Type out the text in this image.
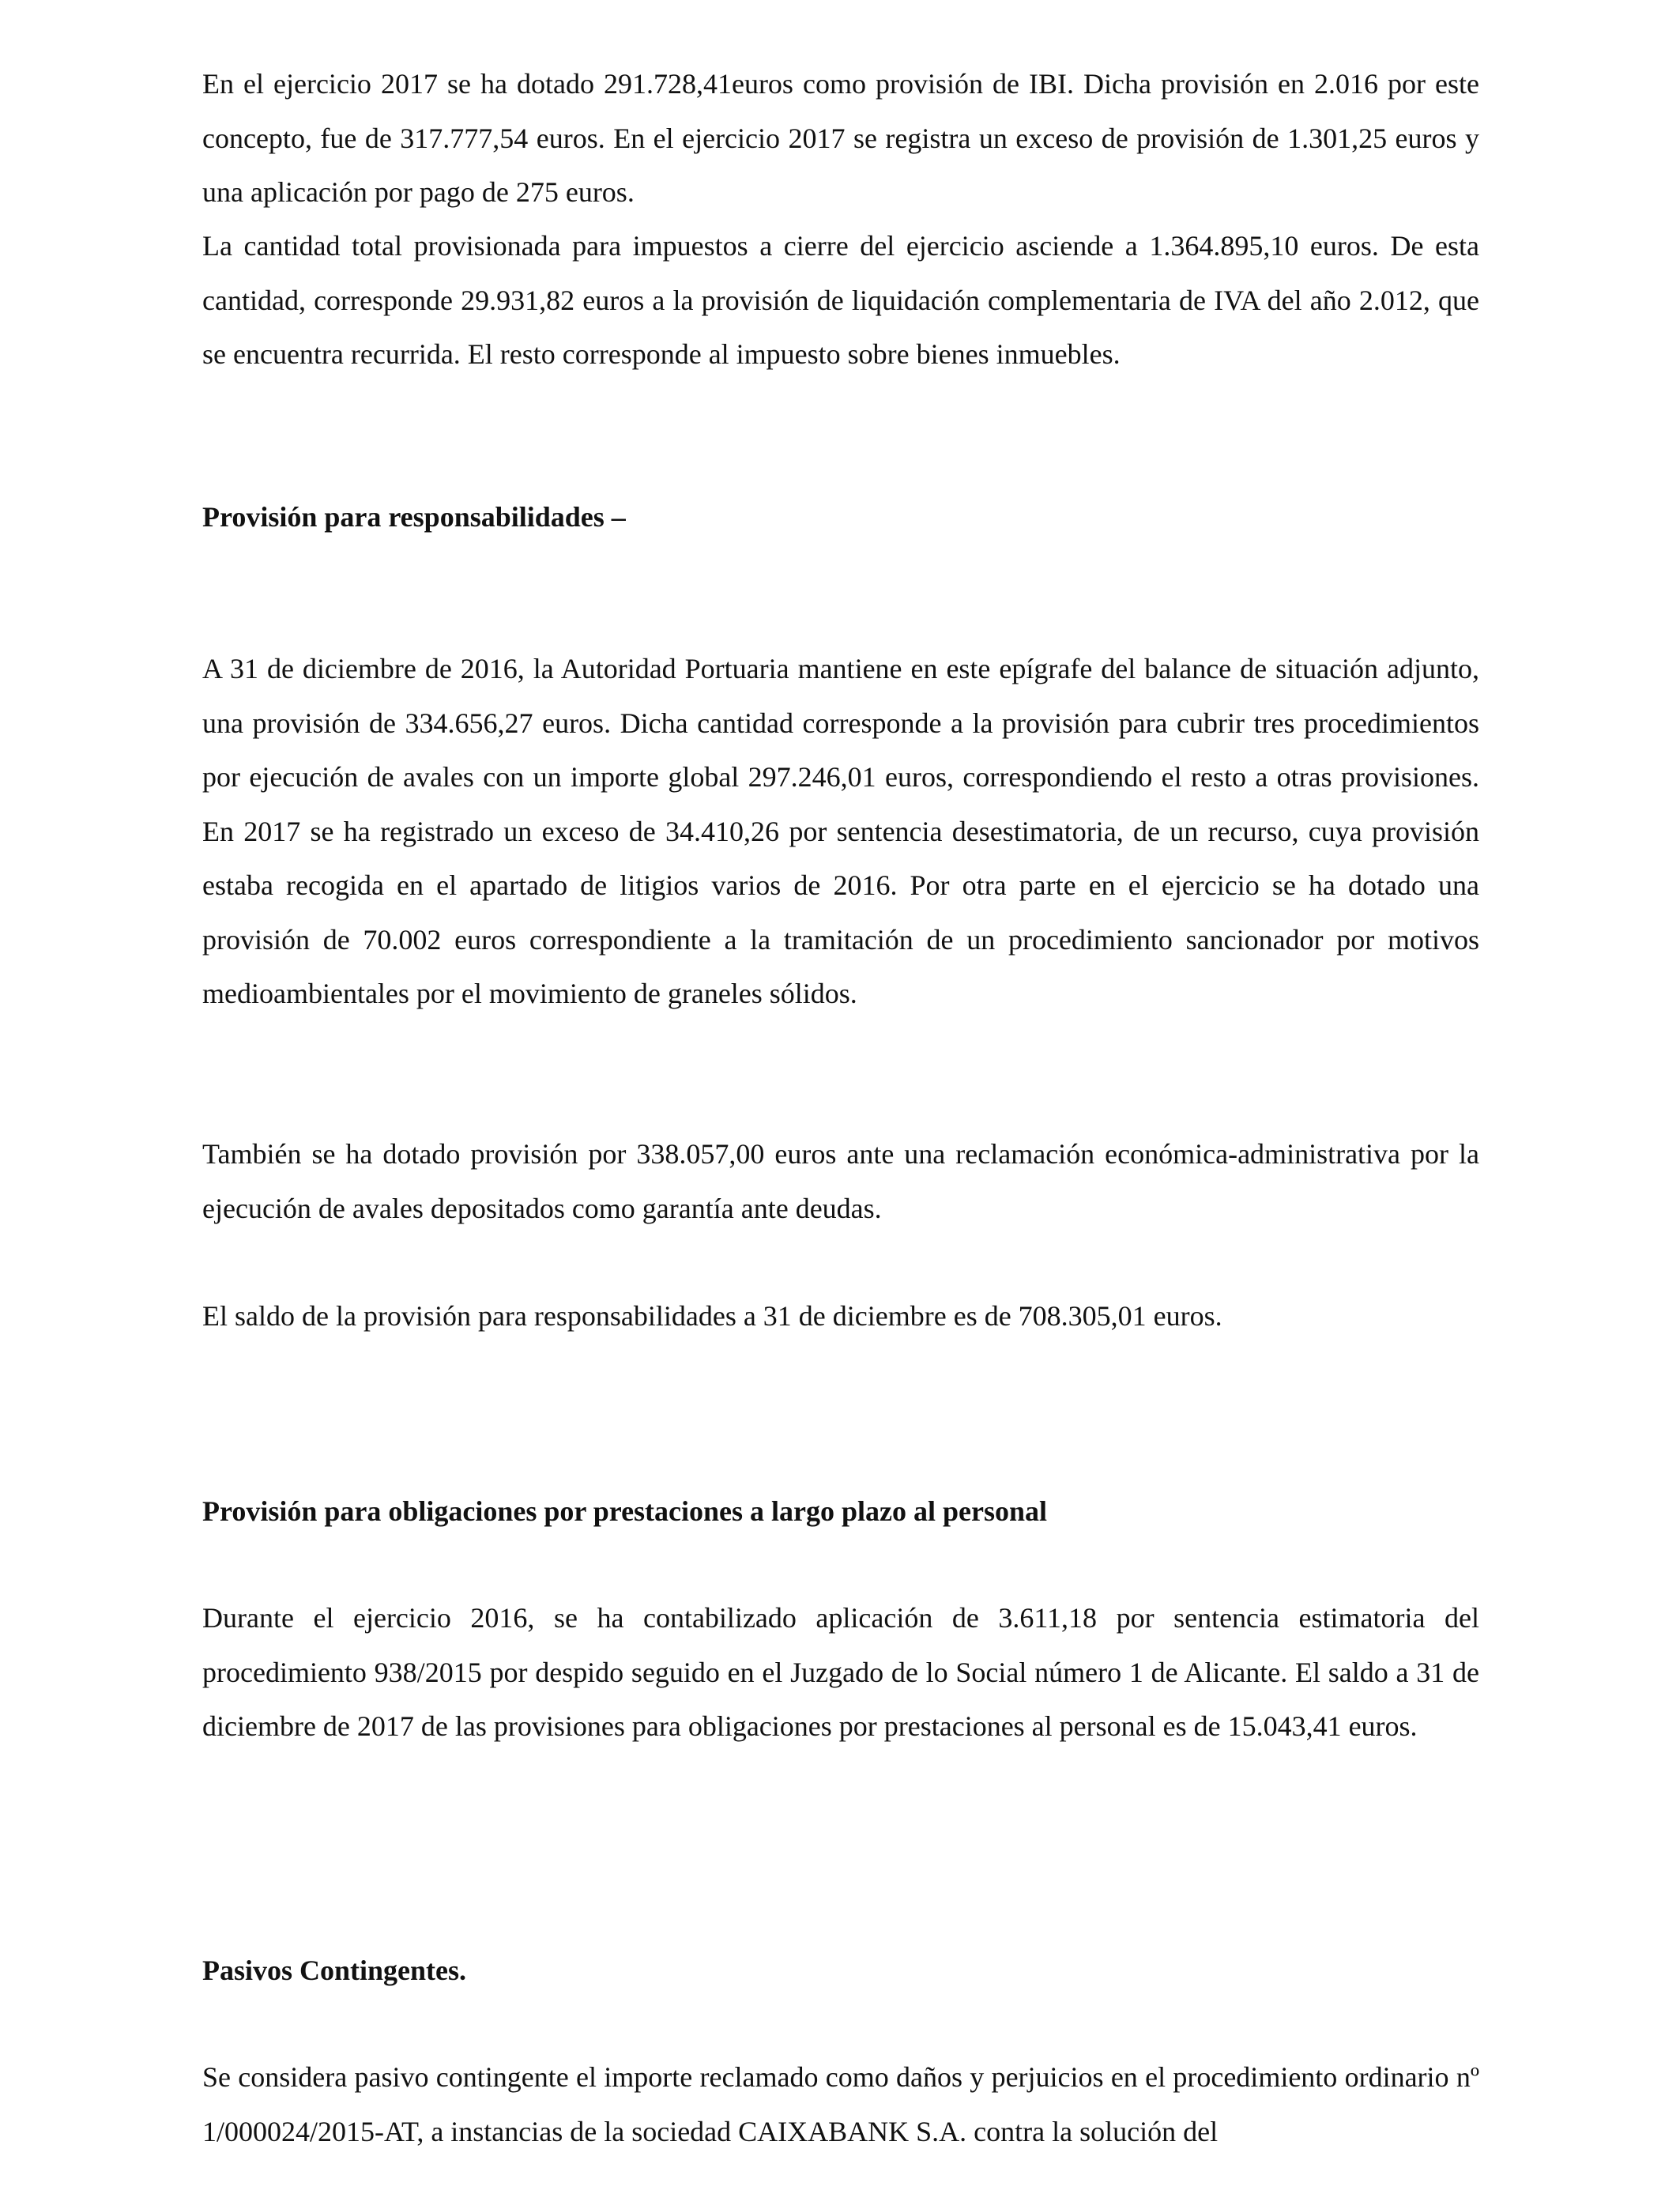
En el ejercicio 2017 se ha dotado 291.728,41euros como provisión de IBI. Dicha provisión en 2.016 por este concepto, fue de 317.777,54 euros. En el ejercicio 2017 se registra un exceso de provisión de 1.301,25 euros y una aplicación por pago de 275 euros.

La cantidad total provisionada para impuestos a cierre del ejercicio asciende a 1.364.895,10 euros. De esta cantidad, corresponde 29.931,82 euros a la provisión de liquidación complementaria de IVA del año 2.012, que se encuentra recurrida. El resto corresponde al impuesto sobre bienes inmuebles.

Provisión para responsabilidades –

A 31 de diciembre de 2016, la Autoridad Portuaria mantiene en este epígrafe del balance de situación adjunto, una provisión de 334.656,27 euros. Dicha cantidad corresponde a la provisión para cubrir tres procedimientos por ejecución de avales con un importe global 297.246,01 euros, correspondiendo el resto a otras provisiones. En 2017 se ha registrado un exceso de 34.410,26 por sentencia desestimatoria, de un recurso, cuya provisión estaba recogida en el apartado de litigios varios de 2016. Por otra parte en el ejercicio se ha dotado una provisión de 70.002 euros correspondiente a la tramitación de un procedimiento sancionador por motivos medioambientales por el movimiento de graneles sólidos.

También se ha dotado provisión por 338.057,00 euros ante una reclamación económica-administrativa por la ejecución de avales depositados como garantía ante deudas.

El saldo de la provisión para responsabilidades a 31 de diciembre es de 708.305,01 euros.

Provisión para obligaciones por prestaciones a largo plazo al personal

Durante el ejercicio 2016, se ha contabilizado aplicación de 3.611,18 por sentencia estimatoria del procedimiento 938/2015 por despido seguido en el Juzgado de lo Social número 1 de Alicante. El saldo a 31 de diciembre de 2017 de las provisiones para obligaciones por prestaciones al personal es de 15.043,41 euros.

Pasivos Contingentes.

Se considera pasivo contingente el importe reclamado como daños y perjuicios en el procedimiento ordinario nº 1/000024/2015-AT, a instancias de la sociedad CAIXABANK S.A. contra la solución del
